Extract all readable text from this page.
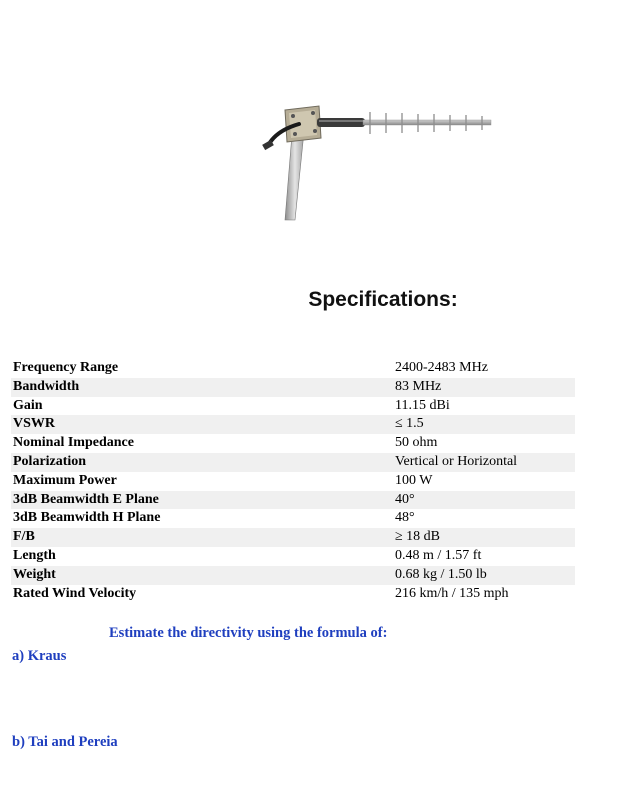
Specifications:
Frequency Range	2400-2483 MHz
Bandwidth	83 MHz
Gain	11.15 dBi
VSWR	≤ 1.5
Nominal Impedance	50 ohm
Polarization	Vertical or Horizontal
Maximum Power	100 W
3dB Beamwidth E Plane	40°
3dB Beamwidth H Plane	48°
F/B	≥ 18 dB
Length	0.48 m / 1.57 ft
Weight	0.68 kg / 1.50 lb
Rated Wind Velocity	216 km/h / 135 mph
Estimate the directivity using the formula of:
a) Kraus
b) Tai and Pereia
